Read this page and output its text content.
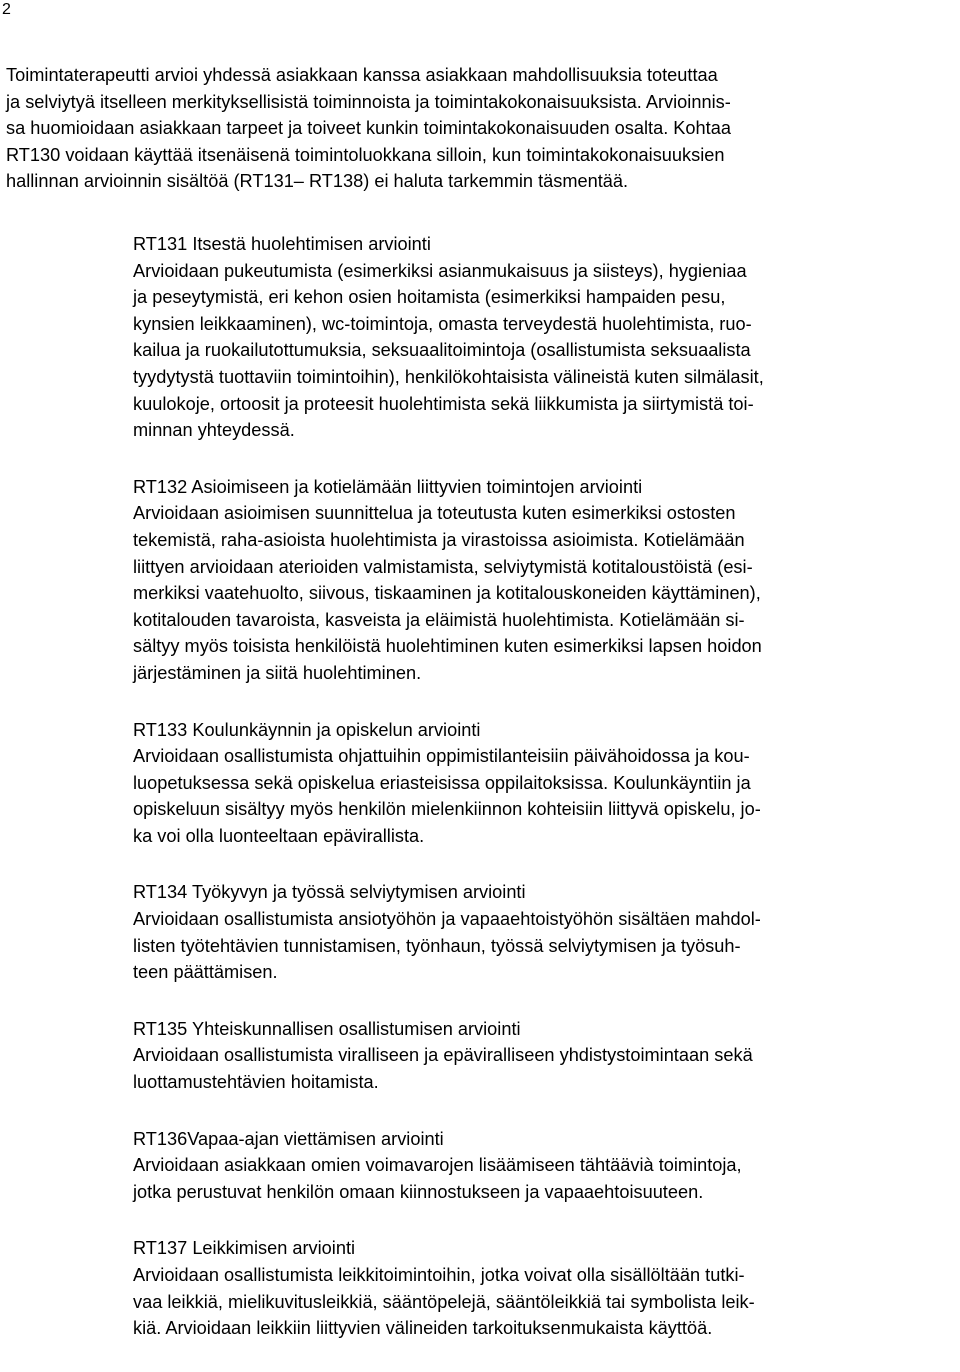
2

Toimintaterapeutti arvioi yhdessä asiakkaan kanssa asiakkaan mahdollisuuksia toteuttaa
ja selviytyä itselleen merkityksellisistä toiminnoista ja toimintakokonaisuuksista. Arvioinnis-
sa huomioidaan asiakkaan tarpeet ja toiveet kunkin toimintakokonaisuuden osalta. Kohtaa
RT130 voidaan käyttää itsenäisenä toimintoluokkana silloin, kun toimintakokonaisuuksien
hallinnan arvioinnin sisältöä (RT131– RT138) ei haluta tarkemmin täsmentää.

RT131 Itsestä huolehtimisen arviointi

Arvioidaan pukeutumista (esimerkiksi asianmukaisuus ja siisteys), hygieniaa
ja peseytymistä, eri kehon osien hoitamista (esimerkiksi hampaiden pesu,
kynsien leikkaaminen), wc-toimintoja, omasta terveydestä huolehtimista, ruo-
kailua ja ruokailutottumuksia, seksuaalitoimintoja (osallistumista seksuaalista
tyydytystä tuottaviin toimintoihin), henkilökohtaisista välineistä kuten silmälasit,
kuulokoje, ortoosit ja proteesit huolehtimista sekä liikkumista ja siirtymistä toi-
minnan yhteydessä.

RT132 Asioimiseen ja kotielämään liittyvien toimintojen arviointi

Arvioidaan asioimisen suunnittelua ja toteutusta kuten esimerkiksi ostosten
tekemistä, raha-asioista huolehtimista ja virastoissa asioimista. Kotielämään
liittyen arvioidaan aterioiden valmistamista, selviytymistä kotitaloustöistä (esi-
merkiksi vaatehuolto, siivous, tiskaaminen ja kotitalouskoneiden käyttäminen),
kotitalouden tavaroista, kasveista ja eläimistä huolehtimista. Kotielämään si-
sältyy myös toisista henkilöistä huolehtiminen kuten esimerkiksi lapsen hoidon
järjestäminen ja siitä huolehtiminen.

RT133 Koulunkäynnin ja opiskelun arviointi

Arvioidaan osallistumista ohjattuihin oppimistilanteisiin päivähoidossa ja kou-
luopetuksessa sekä opiskelua eriasteisissa oppilaitoksissa. Koulunkäyntiin ja
opiskeluun sisältyy myös henkilön mielenkiinnon kohteisiin liittyvä opiskelu, jo-
ka voi olla luonteeltaan epävirallista.

RT134 Työkyvyn ja työssä selviytymisen arviointi

Arvioidaan osallistumista ansiotyöhön ja vapaaehtoistyöhön sisältäen mahdol-
listen työtehtävien tunnistamisen, työnhaun, työssä selviytymisen ja työsuh-
teen päättämisen.

RT135 Yhteiskunnallisen osallistumisen arviointi

Arvioidaan osallistumista viralliseen ja epäviralliseen yhdistystoimintaan sekä
luottamustehtävien hoitamista.

RT136Vapaa-ajan viettämisen arviointi

Arvioidaan asiakkaan omien voimavarojen lisäämiseen tähtäävià toimintoja,
jotka perustuvat henkilön omaan kiinnostukseen ja vapaaehtoisuuteen.

RT137 Leikkimisen arviointi

Arvioidaan osallistumista leikkitoimintoihin, jotka voivat olla sisällöltään tutki-
vaa leikkiä, mielikuvitusleikkiä, sääntöpelejä, sääntöleikkiä tai symbolista leik-
kiä. Arvioidaan leikkiin liittyvien välineiden tarkoituksenmukaista käyttöä.
